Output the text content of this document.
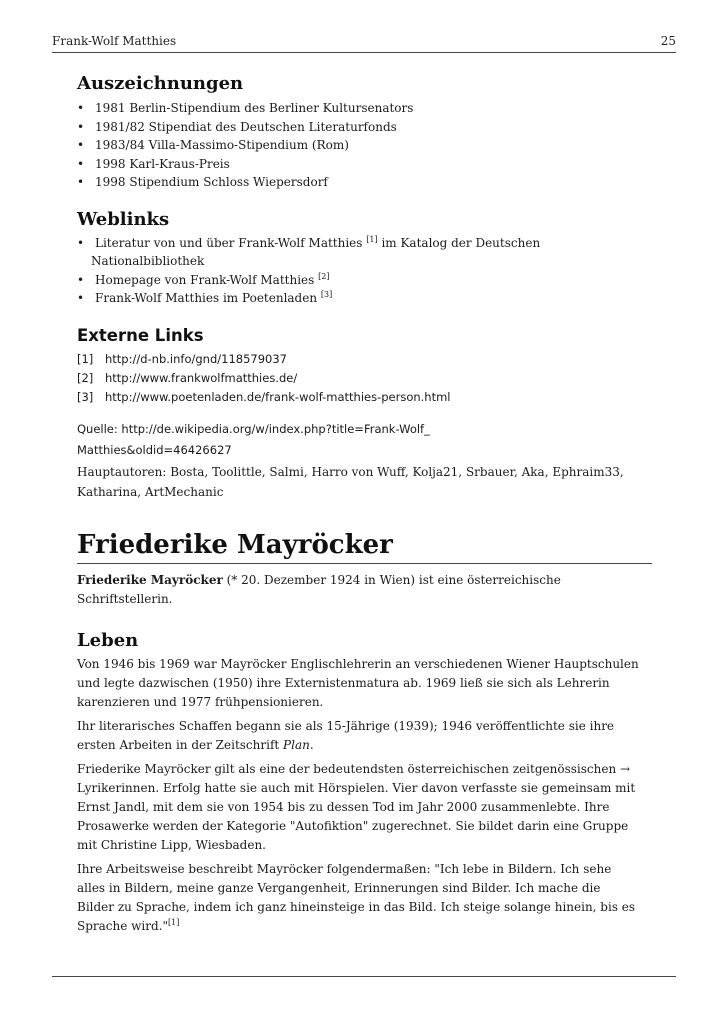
Frank-Wolf Matthies	25
Auszeichnungen
• 1981 Berlin-Stipendium des Berliner Kultursenators
• 1981/82 Stipendiat des Deutschen Literaturfonds
• 1983/84 Villa-Massimo-Stipendium (Rom)
• 1998 Karl-Kraus-Preis
• 1998 Stipendium Schloss Wiepersdorf
Weblinks
• Literatur von und über Frank-Wolf Matthies [1] im Katalog der Deutschen
Nationalbibliothek
• Homepage von Frank-Wolf Matthies [2]
• Frank-Wolf Matthies im Poetenladen [3]
Externe Links
[1]	http://d-nb.info/gnd/118579037
[2]	http://www.frankwolfmatthies.de/
[3]	http://www.poetenladen.de/frank-wolf-matthies-person.html
Quelle: http://de.wikipedia.org/w/index.php?title=Frank-Wolf_
Matthies&oldid=46426627
Hauptautoren: Bosta, Toolittle, Salmi, Harro von Wuff, Kolja21, Srbauer, Aka, Ephraim33,
Katharina, ArtMechanic
Friederike Mayröcker
Friederike Mayröcker (* 20. Dezember 1924 in Wien) ist eine österreichische
Schriftstellerin.
Leben
Von 1946 bis 1969 war Mayröcker Englischlehrerin an verschiedenen Wiener Hauptschulen
und legte dazwischen (1950) ihre Externistenmatura ab. 1969 ließ sie sich als Lehrerin
karenzieren und 1977 frühpensionieren.
Ihr literarisches Schaffen begann sie als 15-Jährige (1939); 1946 veröffentlichte sie ihre
ersten Arbeiten in der Zeitschrift Plan.
Friederike Mayröcker gilt als eine der bedeutendsten österreichischen zeitgenössischen →
Lyrikerinnen. Erfolg hatte sie auch mit Hörspielen. Vier davon verfasste sie gemeinsam mit
Ernst Jandl, mit dem sie von 1954 bis zu dessen Tod im Jahr 2000 zusammenlebte. Ihre
Prosawerke werden der Kategorie "Autofiktion" zugerechnet. Sie bildet darin eine Gruppe
mit Christine Lipp, Wiesbaden.
Ihre Arbeitsweise beschreibt Mayröcker folgendermaßen: "Ich lebe in Bildern. Ich sehe
alles in Bildern, meine ganze Vergangenheit, Erinnerungen sind Bilder. Ich mache die
Bilder zu Sprache, indem ich ganz hineinsteige in das Bild. Ich steige solange hinein, bis es
Sprache wird."[1]
